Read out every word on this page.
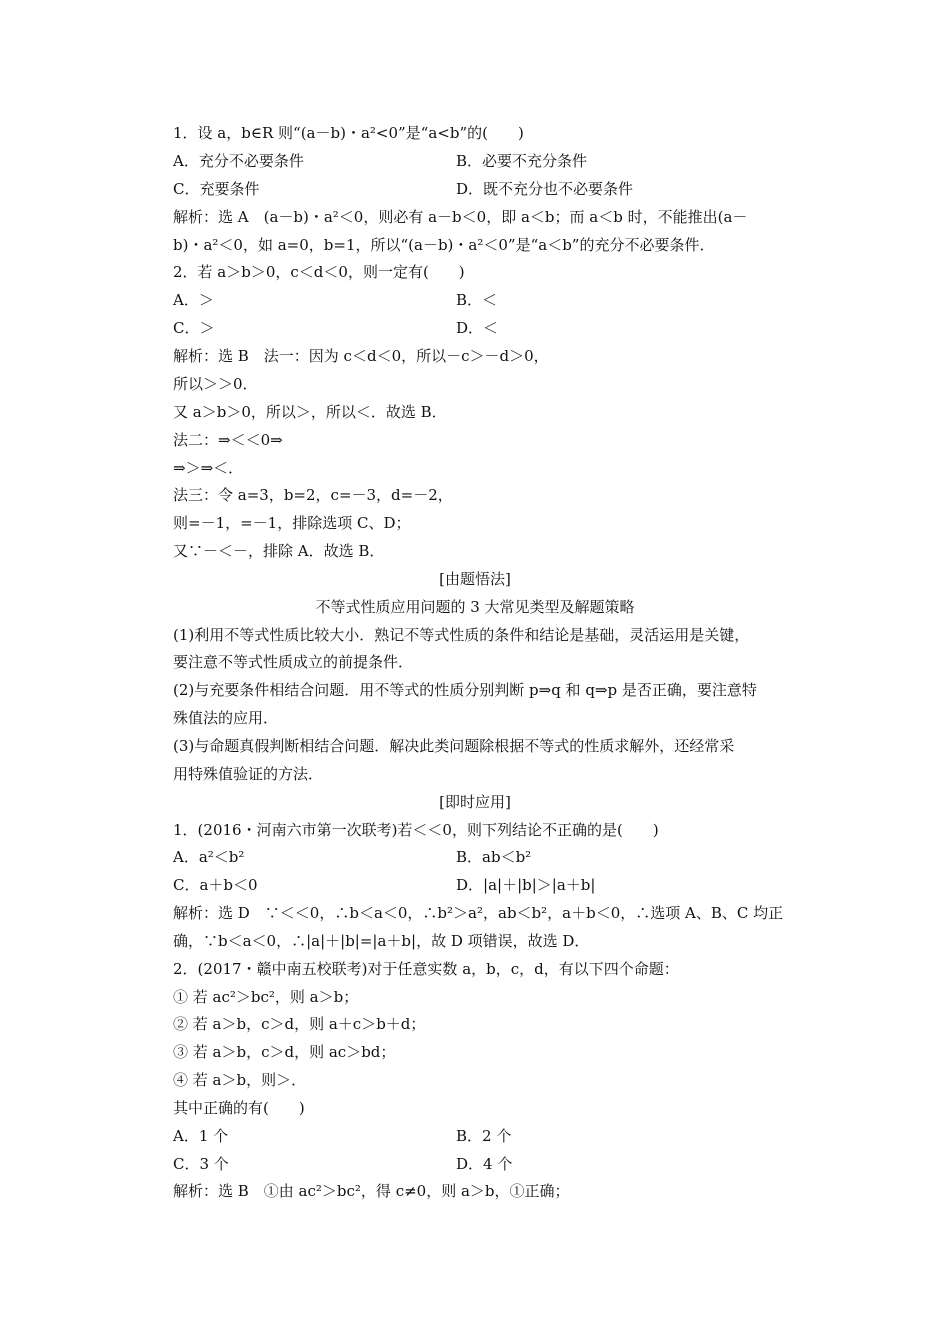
1．设 a，b∈R 则“(a－b)・a²<0”是“a<b”的(　　)
A．充分不必要条件	B．必要不充分条件
C．充要条件	D．既不充分也不必要条件
解析：选 A　(a－b)・a²＜0，则必有 a－b＜0，即 a＜b；而 a＜b 时，不能推出(a－
b)・a²＜0，如 a=0，b=1，所以“(a－b)・a²＜0”是“a＜b”的充分不必要条件．
2．若 a＞b＞0，c＜d＜0，则一定有(　　)
A．＞	B．＜
C．＞	D．＜
解析：选 B　法一：因为 c＜d＜0，所以－c＞－d＞0，
所以＞＞0．
又 a＞b＞0，所以＞，所以＜．故选 B．
法二：⇒＜＜0⇒
⇒＞⇒＜．
法三：令 a=3，b=2，c=－3，d=－2，
则=－1，=－1，排除选项 C、D；
又∵－＜－，排除 A．故选 B．
[由题悟法]
不等式性质应用问题的 3 大常见类型及解题策略
(1)利用不等式性质比较大小．熟记不等式性质的条件和结论是基础，灵活运用是关键，
要注意不等式性质成立的前提条件．
(2)与充要条件相结合问题．用不等式的性质分别判断 p⇒q 和 q⇒p 是否正确，要注意特
殊值法的应用．
(3)与命题真假判断相结合问题．解决此类问题除根据不等式的性质求解外，还经常采
用特殊值验证的方法．
[即时应用]
1．(2016・河南六市第一次联考)若＜＜0，则下列结论不正确的是(　　)
A．a²＜b²	B．ab＜b²
C．a＋b＜0	D．|a|＋|b|＞|a＋b|
解析：选 D　∵＜＜0，∴b＜a＜0，∴b²＞a²，ab＜b²，a＋b＜0，∴选项 A、B、C 均正
确，∵b＜a＜0，∴|a|＋|b|=|a＋b|，故 D 项错误，故选 D．
2．(2017・赣中南五校联考)对于任意实数 a，b，c，d，有以下四个命题：
① 若 ac²＞bc²，则 a＞b；
② 若 a＞b，c＞d，则 a＋c＞b＋d；
③ 若 a＞b，c＞d，则 ac＞bd；
④ 若 a＞b，则＞．
其中正确的有(　　)
A．1 个	B．2 个
C．3 个	D．4 个
解析：选 B　①由 ac²＞bc²，得 c≠0，则 a＞b，①正确；
